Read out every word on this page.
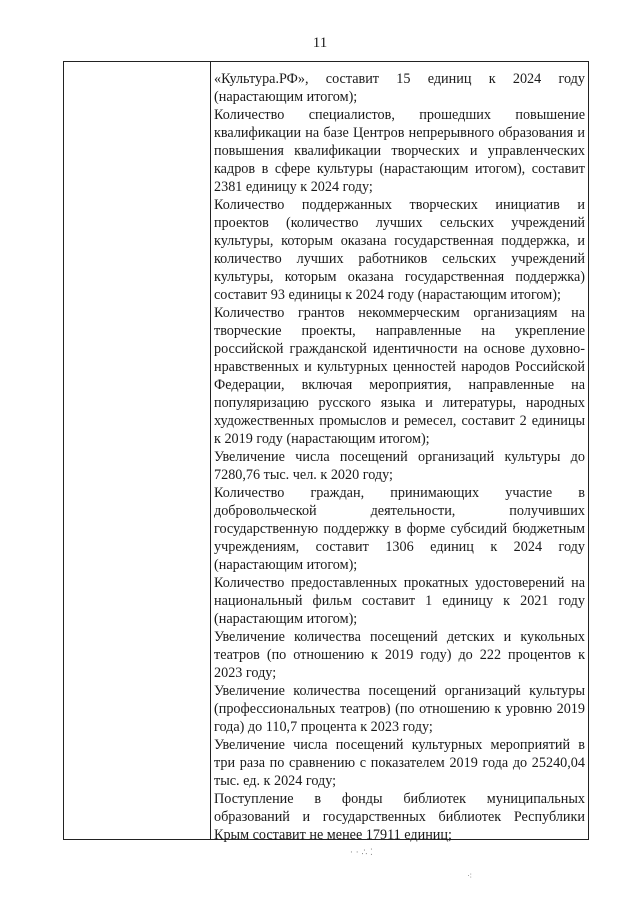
11

«Культура.РФ», составит 15 единиц к 2024 году (нарастающим итогом);

Количество специалистов, прошедших повышение квалификации на базе Центров непрерывного образования и повышения квалификации творческих и управленческих кадров в сфере культуры (нарастающим итогом), составит 2381 единицу к 2024 году;

Количество поддержанных творческих инициатив и проектов (количество лучших сельских учреждений культуры, которым оказана государственная поддержка, и количество лучших работников сельских учреждений культуры, которым оказана государственная поддержка) составит 93 единицы к 2024 году (нарастающим итогом);

Количество грантов некоммерческим организациям на творческие проекты, направленные на укрепление российской гражданской идентичности на основе духовно-нравственных и культурных ценностей народов Российской Федерации, включая мероприятия, направленные на популяризацию русского языка и литературы, народных художественных промыслов и ремесел, составит 2 единицы к 2019 году (нарастающим итогом);

Увеличение числа посещений организаций культуры до 7280,76 тыс. чел. к 2020 году;

Количество граждан, принимающих участие в добровольческой деятельности, получивших государственную поддержку в форме субсидий бюджетным учреждениям, составит 1306 единиц к 2024 году (нарастающим итогом);

Количество предоставленных прокатных удостоверений на национальный фильм составит 1 единицу к 2021 году (нарастающим итогом);

Увеличение количества посещений детских и кукольных театров (по отношению к 2019 году) до 222 процентов к 2023 году;

Увеличение количества посещений организаций культуры (профессиональных театров) (по отношению к уровню 2019 года) до 110,7 процента к 2023 году;

Увеличение числа посещений культурных мероприятий в три раза по сравнению с показателем 2019 года до 25240,04 тыс. ед. к 2024 году;

Поступление в фонды библиотек муниципальных образований и государственных библиотек Республики Крым составит не менее 17911 единиц;

· · ∴ ⁚
⁖
